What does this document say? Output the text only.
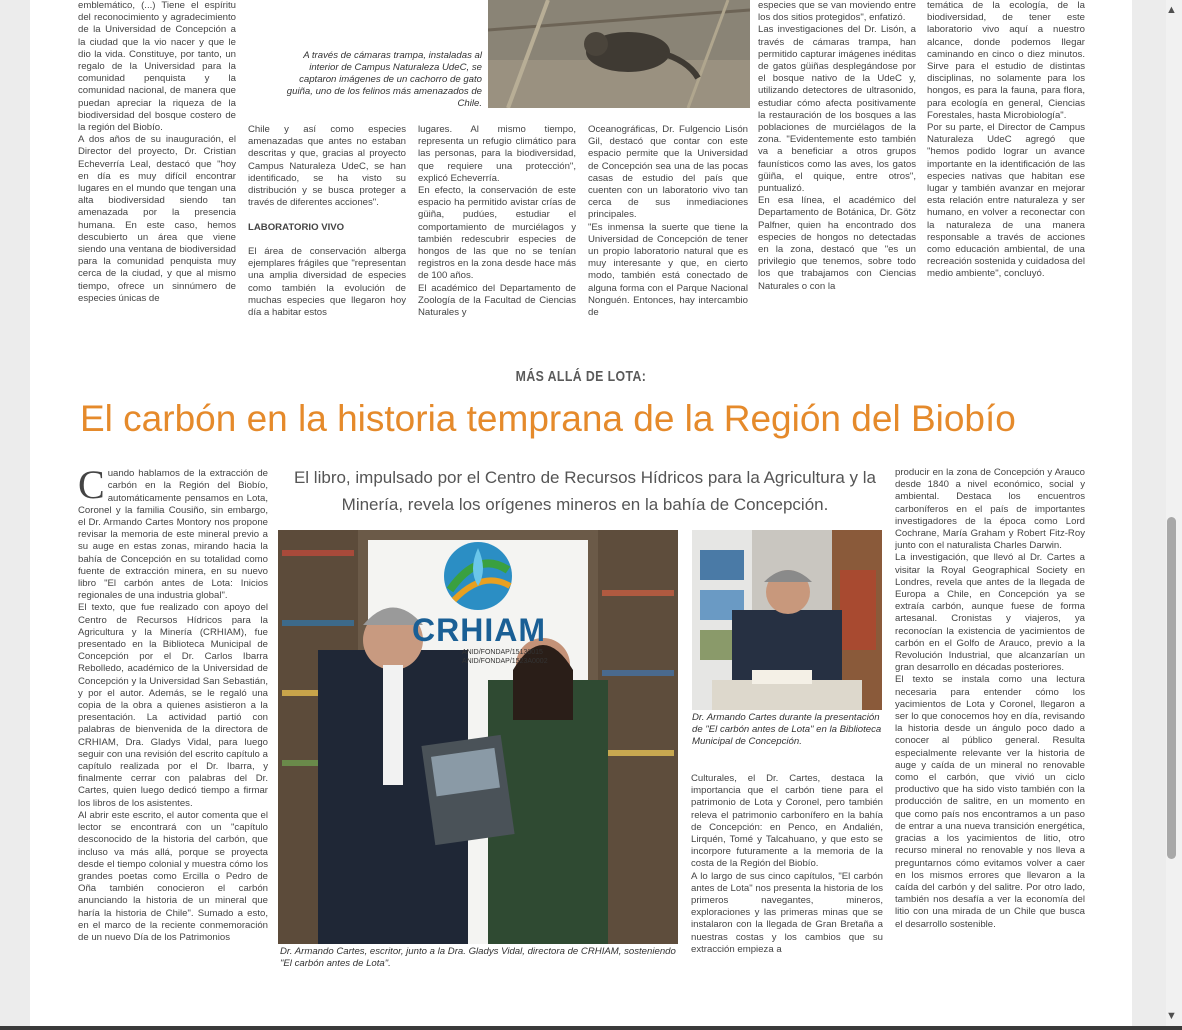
emblemático, (...) Tiene el espíritu del reconocimiento y agradecimiento de la Universidad de Concepción a la ciudad que la vio nacer y que le dio la vida. Constituye, por tanto, un regalo de la Universidad para la comunidad penquista y la comunidad nacional, de manera que puedan apreciar la riqueza de la biodiversidad del bosque costero de la región del Biobío.
A dos años de su inauguración, el Director del proyecto, Dr. Cristian Echeverría Leal, destacó que "hoy en día es muy difícil encontrar lugares en el mundo que tengan una alta biodiversidad siendo tan amenazada por la presencia humana. En este caso, hemos descubierto un área que viene siendo una ventana de biodiversidad para la comunidad penquista muy cerca de la ciudad, y que al mismo tiempo, ofrece un sinnúmero de especies únicas de
A través de cámaras trampa, instaladas al interior de Campus Naturaleza UdeC, se captaron imágenes de un cachorro de gato guiña, uno de los felinos más amenazados de Chile.
Chile y así como especies amenazadas que antes no estaban descritas y que, gracias al proyecto Campus Naturaleza UdeC, se han identificado, se ha visto su distribución y se busca proteger a través de diferentes acciones".
LABORATORIO VIVO
El área de conservación alberga ejemplares frágiles que "representan una amplia diversidad de especies como también la evolución de muchas especies que llegaron hoy día a habitar estos
lugares. Al mismo tiempo, representa un refugio climático para las personas, para la biodiversidad, que requiere una protección", explicó Echeverría.
En efecto, la conservación de este espacio ha permitido avistar crías de güiña, pudúes, estudiar el comportamiento de murciélagos y también redescubrir especies de hongos de las que no se tenían registros en la zona desde hace más de 100 años.
El académico del Departamento de Zoología de la Facultad de Ciencias Naturales y
Oceanográficas, Dr. Fulgencio Lisón Gil, destacó que contar con este espacio permite que la Universidad de Concepción sea una de las pocas casas de estudio del país que cuenten con un laboratorio vivo tan cerca de sus inmediaciones principales.
"Es inmensa la suerte que tiene la Universidad de Concepción de tener un propio laboratorio natural que es muy interesante y que, en cierto modo, también está conectado de alguna forma con el Parque Nacional Nonguén. Entonces, hay intercambio de
especies que se van moviendo entre los dos sitios protegidos", enfatizó.
Las investigaciones del Dr. Lisón, a través de cámaras trampa, han permitido capturar imágenes inéditas de gatos güiñas desplegándose por el bosque nativo de la UdeC y, utilizando detectores de ultrasonido, estudiar cómo afecta positivamente la restauración de los bosques a las poblaciones de murciélagos de la zona. "Evidentemente esto también va a beneficiar a otros grupos faunísticos como las aves, los gatos güiña, el quique, entre otros", puntualizó.
En esa línea, el académico del Departamento de Botánica, Dr. Götz Palfner, quien ha encontrado dos especies de hongos no detectadas en la zona, destacó que "es un privilegio que tenemos, sobre todo los que trabajamos con Ciencias Naturales o con la
temática de la ecología, de la biodiversidad, de tener este laboratorio vivo aquí a nuestro alcance, donde podemos llegar caminando en cinco o diez minutos. Sirve para el estudio de distintas disciplinas, no solamente para los hongos, es para la fauna, para flora, para ecología en general, Ciencias Forestales, hasta Microbiología".
Por su parte, el Director de Campus Naturaleza UdeC agregó que "hemos podido lograr un avance importante en la identificación de las especies nativas que habitan ese lugar y también avanzar en mejorar esta relación entre naturaleza y ser humano, en volver a reconectar con la naturaleza de una manera responsable a través de acciones como educación ambiental, de una recreación sostenida y cuidadosa del medio ambiente", concluyó.
MÁS ALLÁ DE LOTA:
El carbón en la historia temprana de la Región del Biobío
El libro, impulsado por el Centro de Recursos Hídricos para la Agricultura y la Minería, revela los orígenes mineros en la bahía de Concepción.

Cuando hablamos de la extracción de carbón en la Región del Biobío, automáticamente pensamos en Lota, Coronel y la familia Cousiño, sin embargo, el Dr. Armando Cartes Montory nos propone revisar la memoria de este mineral previo a su auge en estas zonas, mirando hacia la bahía de Concepción en su totalidad como fuente de extracción minera, en su nuevo libro "El carbón antes de Lota: Inicios regionales de una industria global".
El texto, que fue realizado con apoyo del Centro de Recursos Hídricos para la Agricultura y la Minería (CRHIAM), fue presentado en la Biblioteca Municipal de Concepción por el Dr. Carlos Ibarra Rebolledo, académico de la Universidad de Concepción y la Universidad San Sebastián, y por el autor. Además, se le regaló una copia de la obra a quienes asistieron a la presentación. La actividad partió con palabras de bienvenida de la directora de CRHIAM, Dra. Gladys Vidal, para luego seguir con una revisión del escrito capítulo a capítulo realizada por el Dr. Ibarra, y finalmente cerrar con palabras del Dr. Cartes, quien luego dedicó tiempo a firmar los libros de los asistentes.
Al abrir este escrito, el autor comenta que el lector se encontrará con un "capítulo desconocido de la historia del carbón, que incluso va más allá, porque se proyecta desde el tiempo colonial y muestra cómo los grandes poetas como Ercilla o Pedro de Oña también conocieron el carbón anunciando la historia de un mineral que haría la historia de Chile". Sumado a esto, en el marco de la reciente conmemoración de un nuevo Día de los Patrimonios

CRHIAM
ANID/FONDAP/15130015
ANID/FONDAP/1523A0002
Dr. Armando Cartes, escritor, junto a la Dra. Gladys Vidal, directora de CRHIAM, sosteniendo "El carbón antes de Lota".
Dr. Armando Cartes durante la presentación de "El carbón antes de Lota" en la Biblioteca Municipal de Concepción.
Culturales, el Dr. Cartes, destaca la importancia que el carbón tiene para el patrimonio de Lota y Coronel, pero también releva el patrimonio carbonífero en la bahía de Concepción: en Penco, en Andalién, Lirquén, Tomé y Talcahuano, y que esto se incorpore futuramente a la memoria de la costa de la Región del Biobío.
A lo largo de sus cinco capítulos, "El carbón antes de Lota" nos presenta la historia de los primeros navegantes, mineros, exploraciones y las primeras minas que se instalaron con la llegada de Gran Bretaña a nuestras costas y los cambios que su extracción empieza a
producir en la zona de Concepción y Arauco desde 1840 a nivel económico, social y ambiental. Destaca los encuentros carboníferos en el país de importantes investigadores de la época como Lord Cochrane, María Graham y Robert Fitz-Roy junto con el naturalista Charles Darwin.
La investigación, que llevó al Dr. Cartes a visitar la Royal Geographical Society en Londres, revela que antes de la llegada de Europa a Chile, en Concepción ya se extraía carbón, aunque fuese de forma artesanal. Cronistas y viajeros, ya reconocían la existencia de yacimientos de carbón en el Golfo de Arauco, previo a la Revolución Industrial, que alcanzarían un gran desarrollo en décadas posteriores.
El texto se instala como una lectura necesaria para entender cómo los yacimientos de Lota y Coronel, llegaron a ser lo que conocemos hoy en día, revisando la historia desde un ángulo poco dado a conocer al público general. Resulta especialmente relevante ver la historia de auge y caída de un mineral no renovable como el carbón, que vivió un ciclo productivo que ha sido visto también con la producción de salitre, en un momento en que como país nos encontramos a un paso de entrar a una nueva transición energética, gracias a los yacimientos de litio, otro recurso mineral no renovable y nos lleva a preguntarnos cómo evitamos volver a caer en los mismos errores que llevaron a la caída del carbón y del salitre. Por otro lado, también nos desafía a ver la economía del litio con una mirada de un Chile que busca el desarrollo sostenible.
▲
▼
